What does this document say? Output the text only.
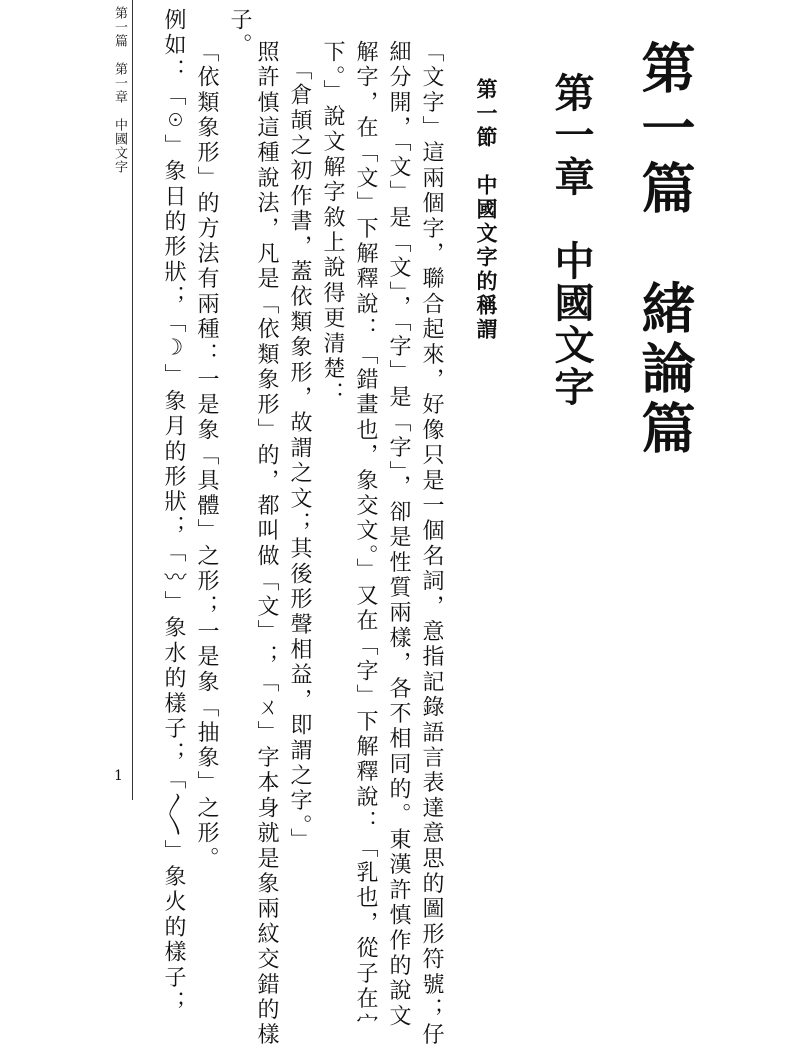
第一篇　第一章　中國文字

1

第一篇　緒論篇
第一章　中國文字
第一節　中國文字的稱謂

「文字」這兩個字，聯合起來，好像只是一個名詞，意指記錄語言表達意思的圖形符號；仔

細分開，「文」是「文」，「字」是「字」，卻是性質兩樣，各不相同的。東漢許慎作的說文

解字，在「文」下解釋說：「錯畫也，象交文。」又在「字」下解釋說：「乳也，從子在宀

下。」說文解字敘上說得更清楚：

「倉頡之初作書，蓋依類象形，故謂之文；其後形聲相益，即謂之字。」

照許慎這種說法，凡是「依類象形」的，都叫做「文」；「ㄨ」字本身就是象兩紋交錯的樣

子。

「依類象形」的方法有兩種：一是象「具體」之形；一是象「抽象」之形。

例如：「☉」象日的形狀；「☽」象月的形狀；「〰」象水的樣子；「〳〵」象火的樣子；
